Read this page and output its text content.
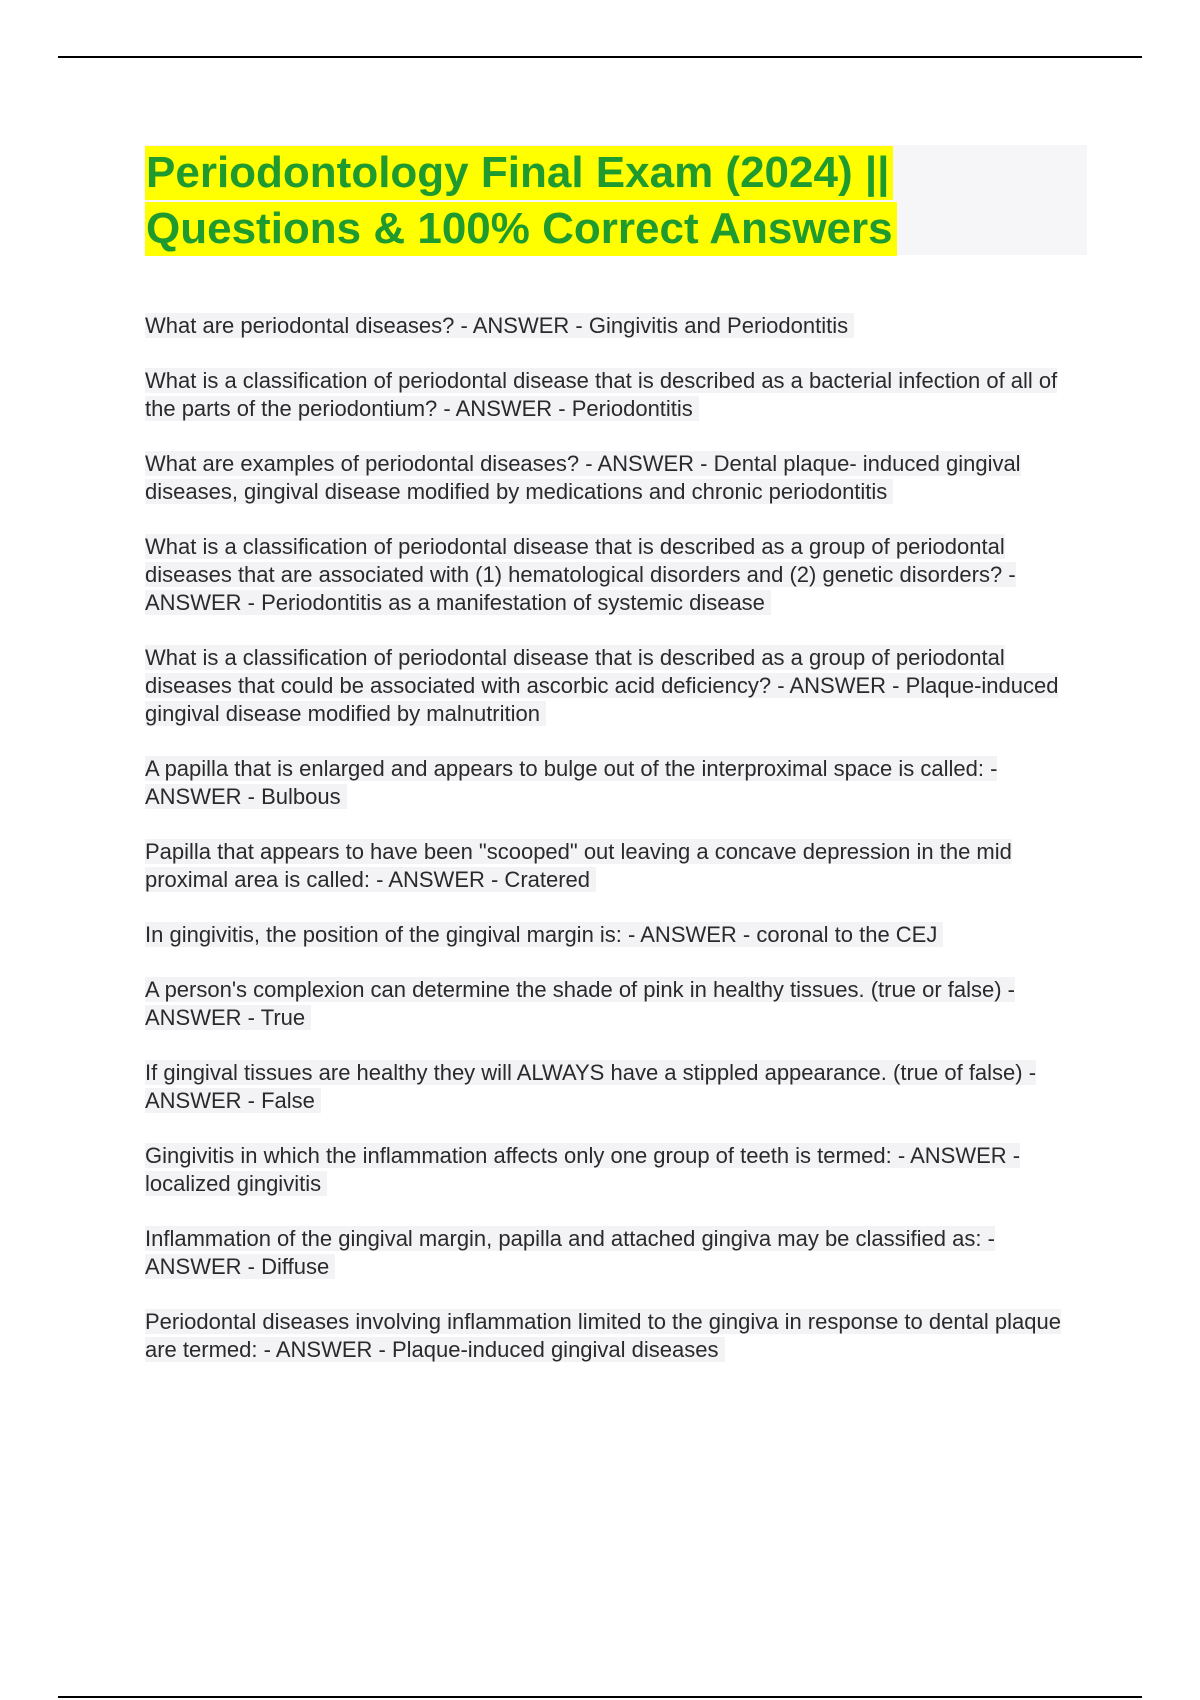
Periodontology Final Exam (2024) ||
Questions & 100% Correct Answers

What are periodontal diseases? - ANSWER - Gingivitis and Periodontitis

What is a classification of periodontal disease that is described as a bacterial infection of all of the parts of the periodontium? - ANSWER - Periodontitis

What are examples of periodontal diseases? - ANSWER - Dental plaque- induced gingival diseases, gingival disease modified by medications and chronic periodontitis

What is a classification of periodontal disease that is described as a group of periodontal diseases that are associated with (1) hematological disorders and (2) genetic disorders? - ANSWER - Periodontitis as a manifestation of systemic disease

What is a classification of periodontal disease that is described as a group of periodontal diseases that could be associated with ascorbic acid deficiency? - ANSWER - Plaque-induced gingival disease modified by malnutrition

A papilla that is enlarged and appears to bulge out of the interproximal space is called: - ANSWER - Bulbous

Papilla that appears to have been "scooped" out leaving a concave depression in the mid proximal area is called: - ANSWER - Cratered

In gingivitis, the position of the gingival margin is: - ANSWER - coronal to the CEJ

A person's complexion can determine the shade of pink in healthy tissues. (true or false) - ANSWER - True

If gingival tissues are healthy they will ALWAYS have a stippled appearance. (true of false) - ANSWER - False

Gingivitis in which the inflammation affects only one group of teeth is termed: - ANSWER - localized gingivitis

Inflammation of the gingival margin, papilla and attached gingiva may be classified as: - ANSWER - Diffuse

Periodontal diseases involving inflammation limited to the gingiva in response to dental plaque are termed: - ANSWER - Plaque-induced gingival diseases
